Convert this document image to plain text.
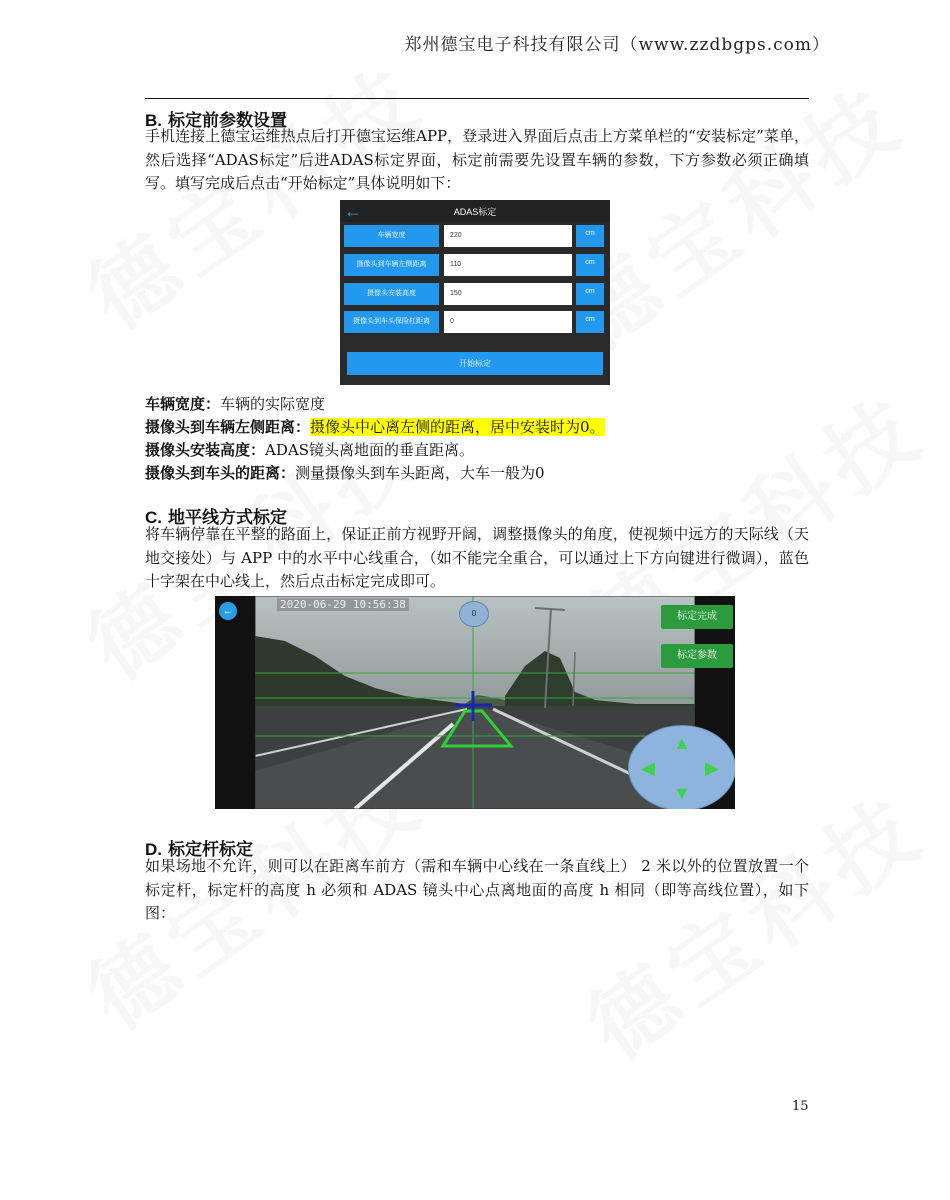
郑州德宝电子科技有限公司（www.zzdbgps.com）
B. 标定前参数设置
手机连接上德宝运维热点后打开德宝运维APP，登录进入界面后点击上方菜单栏的“安装标定”菜单，然后选择“ADAS标定”后进ADAS标定界面，标定前需要先设置车辆的参数，下方参数必须正确填写。填写完成后点击“开始标定”具体说明如下：
←	ADAS标定
车辆宽度	220	cm
摄像头到车辆左侧距离	110	cm
摄像头安装高度	150	cm
摄像头到车头保险杠距离	0	cm
开始标定
车辆宽度：车辆的实际宽度
摄像头到车辆左侧距离：摄像头中心离左侧的距离，居中安装时为0。
摄像头安装高度：ADAS镜头离地面的垂直距离。
摄像头到车头的距离：测量摄像头到车头距离，大车一般为0
C. 地平线方式标定
将车辆停靠在平整的路面上，保证正前方视野开阔，调整摄像头的角度，使视频中远方的天际线（天地交接处）与 APP 中的水平中心线重合，（如不能完全重合，可以通过上下方向键进行微调），蓝色十字架在中心线上，然后点击标定完成即可。
←	2020-06-29 10:56:38
0	标定完成
标定参数
▲
▼
◀	▶
D. 标定杆标定
如果场地不允许，则可以在距离车前方（需和车辆中心线在一条直线上） 2 米以外的位置放置一个标定杆，标定杆的高度 h 必须和 ADAS 镜头中心点离地面的高度 h 相同（即等高线位置），如下图：
15
